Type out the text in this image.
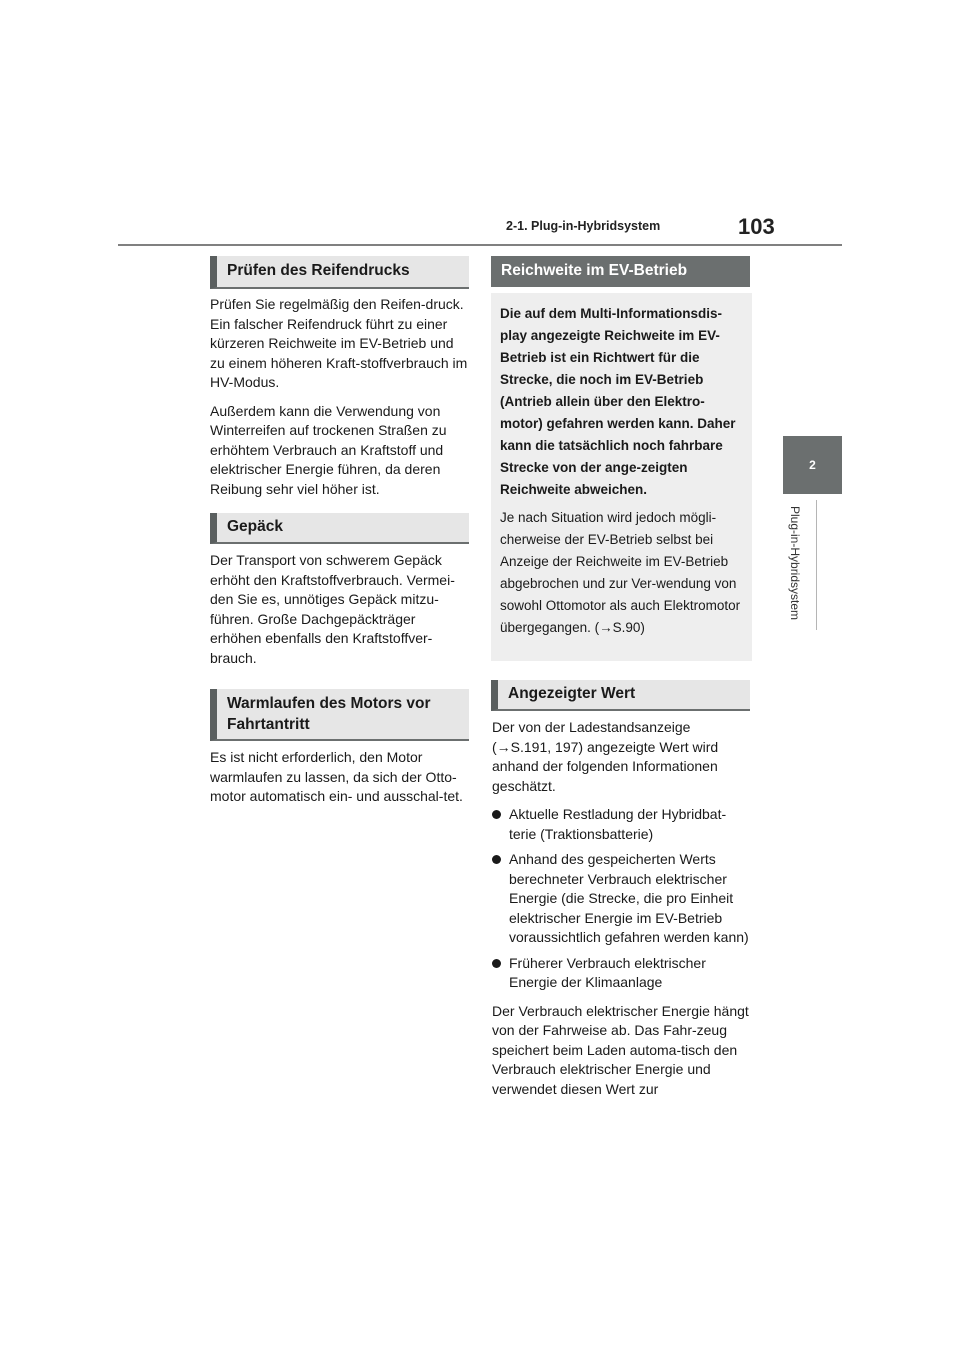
2-1. Plug-in-Hybridsystem	103
2
Plug-in-Hybridsystem
Prüfen des Reifendrucks

Prüfen Sie regelmäßig den Reifen-druck. Ein falscher Reifendruck führt zu einer kürzeren Reichweite im EV-Betrieb und zu einem höheren Kraft-stoffverbrauch im HV-Modus.

Außerdem kann die Verwendung von Winterreifen auf trockenen Straßen zu erhöhtem Verbrauch an Kraftstoff und elektrischer Energie führen, da deren Reibung sehr viel höher ist.

Gepäck

Der Transport von schwerem Gepäck erhöht den Kraftstoffverbrauch. Vermei-den Sie es, unnötiges Gepäck mitzu-führen. Große Dachgepäckträger erhöhen ebenfalls den Kraftstoffver-brauch.

Warmlaufen des Motors vor
Fahrtantritt

Es ist nicht erforderlich, den Motor warmlaufen zu lassen, da sich der Otto-motor automatisch ein- und ausschal-tet.

Reichweite im EV-Betrieb

Die auf dem Multi-Informationsdis-play angezeigte Reichweite im EV-Betrieb ist ein Richtwert für die Strecke, die noch im EV-Betrieb (Antrieb allein über den Elektro-motor) gefahren werden kann. Daher kann die tatsächlich noch fahrbare Strecke von der ange-zeigten Reichweite abweichen.

Je nach Situation wird jedoch mögli-cherweise der EV-Betrieb selbst bei Anzeige der Reichweite im EV-Betrieb abgebrochen und zur Ver-wendung von sowohl Ottomotor als auch Elektromotor übergegangen. (→S.90)

Angezeigter Wert

Der von der Ladestandsanzeige (→S.191, 197) angezeigte Wert wird anhand der folgenden Informationen geschätzt.

Aktuelle Restladung der Hybridbat-terie (Traktionsbatterie)
Anhand des gespeicherten Werts berechneter Verbrauch elektrischer Energie (die Strecke, die pro Einheit elektrischer Energie im EV-Betrieb voraussichtlich gefahren werden kann)
Früherer Verbrauch elektrischer Energie der Klimaanlage

Der Verbrauch elektrischer Energie hängt von der Fahrweise ab. Das Fahr-zeug speichert beim Laden automa-tisch den Verbrauch elektrischer Energie und verwendet diesen Wert zur
